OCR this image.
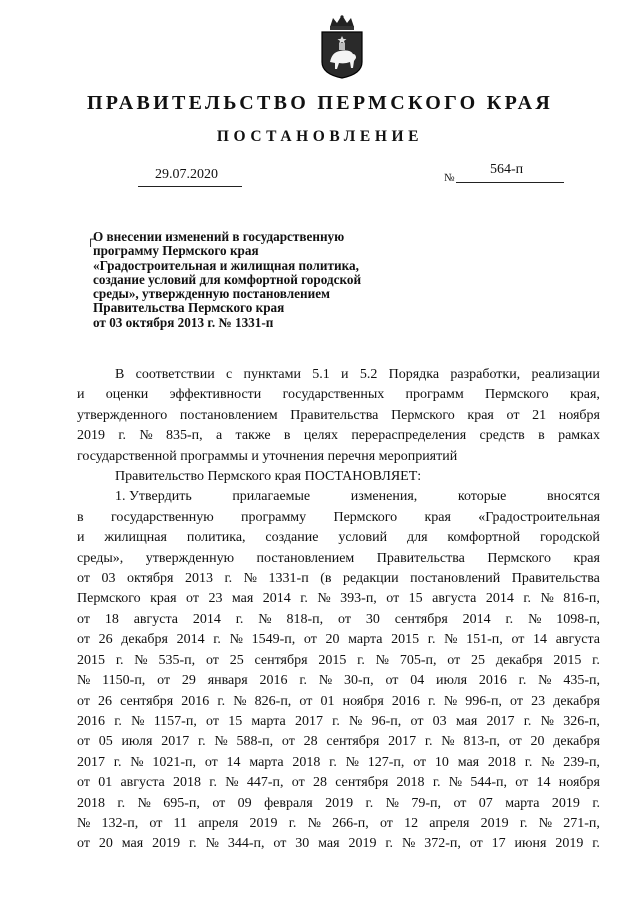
ПРАВИТЕЛЬСТВО ПЕРМСКОГО КРАЯ
ПОСТАНОВЛЕНИЕ
29.07.2020	№
564-п
┌
О внесении изменений в государственную
программу Пермского края
«Градостроительная и жилищная политика,
создание условий для комфортной городской
среды», утвержденную постановлением
Правительства Пермского края
от 03 октября 2013 г. № 1331-п
В соответствии с пунктами 5.1 и 5.2 Порядка разработки, реализации
и оценки эффективности государственных программ Пермского края,
утвержденного постановлением Правительства Пермского края от 21 ноября
2019 г. № 835-п, а также в целях перераспределения средств в рамках
государственной программы и уточнения перечня мероприятий
Правительство Пермского края ПОСТАНОВЛЯЕТ:
1. Утвердить	прилагаемые	изменения,	которые	вносятся
в государственную программу Пермского края «Градостроительная
и жилищная политика, создание условий для комфортной городской
среды», утвержденную постановлением Правительства Пермского края
от 03 октября 2013 г. № 1331-п (в редакции постановлений Правительства
Пермского края от 23 мая 2014 г. № 393-п, от 15 августа 2014 г. № 816-п,
от 18 августа 2014 г. № 818-п, от 30 сентября 2014 г. № 1098-п,
от 26 декабря 2014 г. № 1549-п, от 20 марта 2015 г. № 151-п, от 14 августа
2015 г. № 535-п, от 25 сентября 2015 г. № 705-п, от 25 декабря 2015 г.
№ 1150-п, от 29 января 2016 г. № 30-п, от 04 июля 2016 г. № 435-п,
от 26 сентября 2016 г. № 826-п, от 01 ноября 2016 г. № 996-п, от 23 декабря
2016 г. № 1157-п, от 15 марта 2017 г. № 96-п, от 03 мая 2017 г. № 326-п,
от 05 июля 2017 г. № 588-п, от 28 сентября 2017 г. № 813-п, от 20 декабря
2017 г. № 1021-п, от 14 марта 2018 г. № 127-п, от 10 мая 2018 г. № 239-п,
от 01 августа 2018 г. № 447-п, от 28 сентября 2018 г. № 544-п, от 14 ноября
2018 г. № 695-п, от 09 февраля 2019 г. № 79-п, от 07 марта 2019 г.
№ 132-п, от 11 апреля 2019 г. № 266-п, от 12 апреля 2019 г. № 271-п,
от 20 мая 2019 г. № 344-п, от 30 мая 2019 г. № 372-п, от 17 июня 2019 г.
